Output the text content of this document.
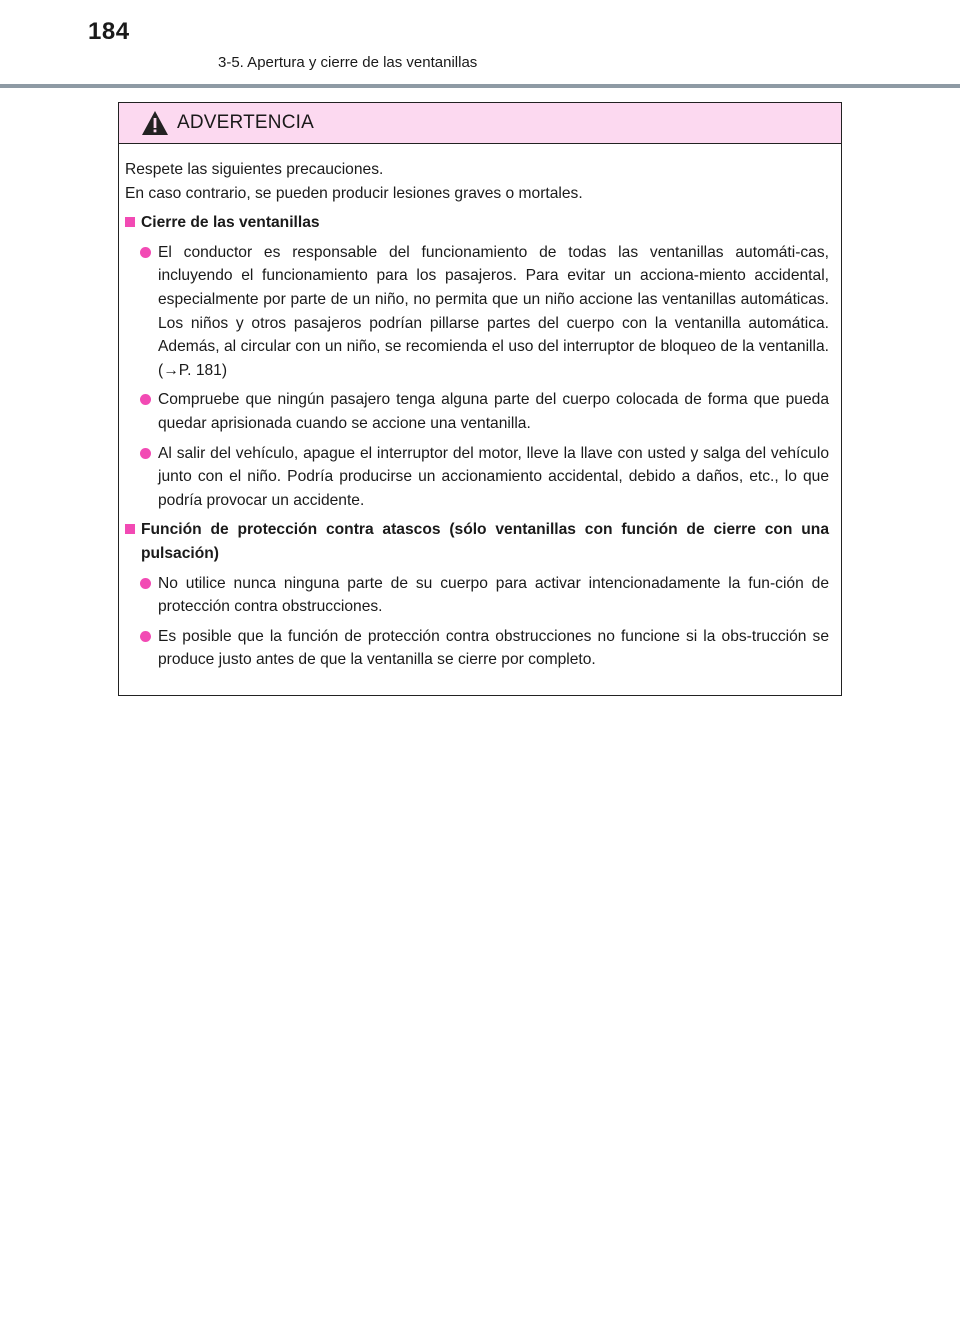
184
3-5. Apertura y cierre de las ventanillas
ADVERTENCIA

Respete las siguientes precauciones.

En caso contrario, se pueden producir lesiones graves o mortales.

Cierre de las ventanillas
El conductor es responsable del funcionamiento de todas las ventanillas automáti-cas, incluyendo el funcionamiento para los pasajeros. Para evitar un acciona-miento accidental, especialmente por parte de un niño, no permita que un niño accione las ventanillas automáticas. Los niños y otros pasajeros podrían pillarse partes del cuerpo con la ventanilla automática. Además, al circular con un niño, se recomienda el uso del interruptor de bloqueo de la ventanilla. (→P. 181)
Compruebe que ningún pasajero tenga alguna parte del cuerpo colocada de forma que pueda quedar aprisionada cuando se accione una ventanilla.
Al salir del vehículo, apague el interruptor del motor, lleve la llave con usted y salga del vehículo junto con el niño. Podría producirse un accionamiento accidental, debido a daños, etc., lo que podría provocar un accidente.
Función de protección contra atascos (sólo ventanillas con función de cierre con una pulsación)
No utilice nunca ninguna parte de su cuerpo para activar intencionadamente la fun-ción de protección contra obstrucciones.
Es posible que la función de protección contra obstrucciones no funcione si la obs-trucción se produce justo antes de que la ventanilla se cierre por completo.
